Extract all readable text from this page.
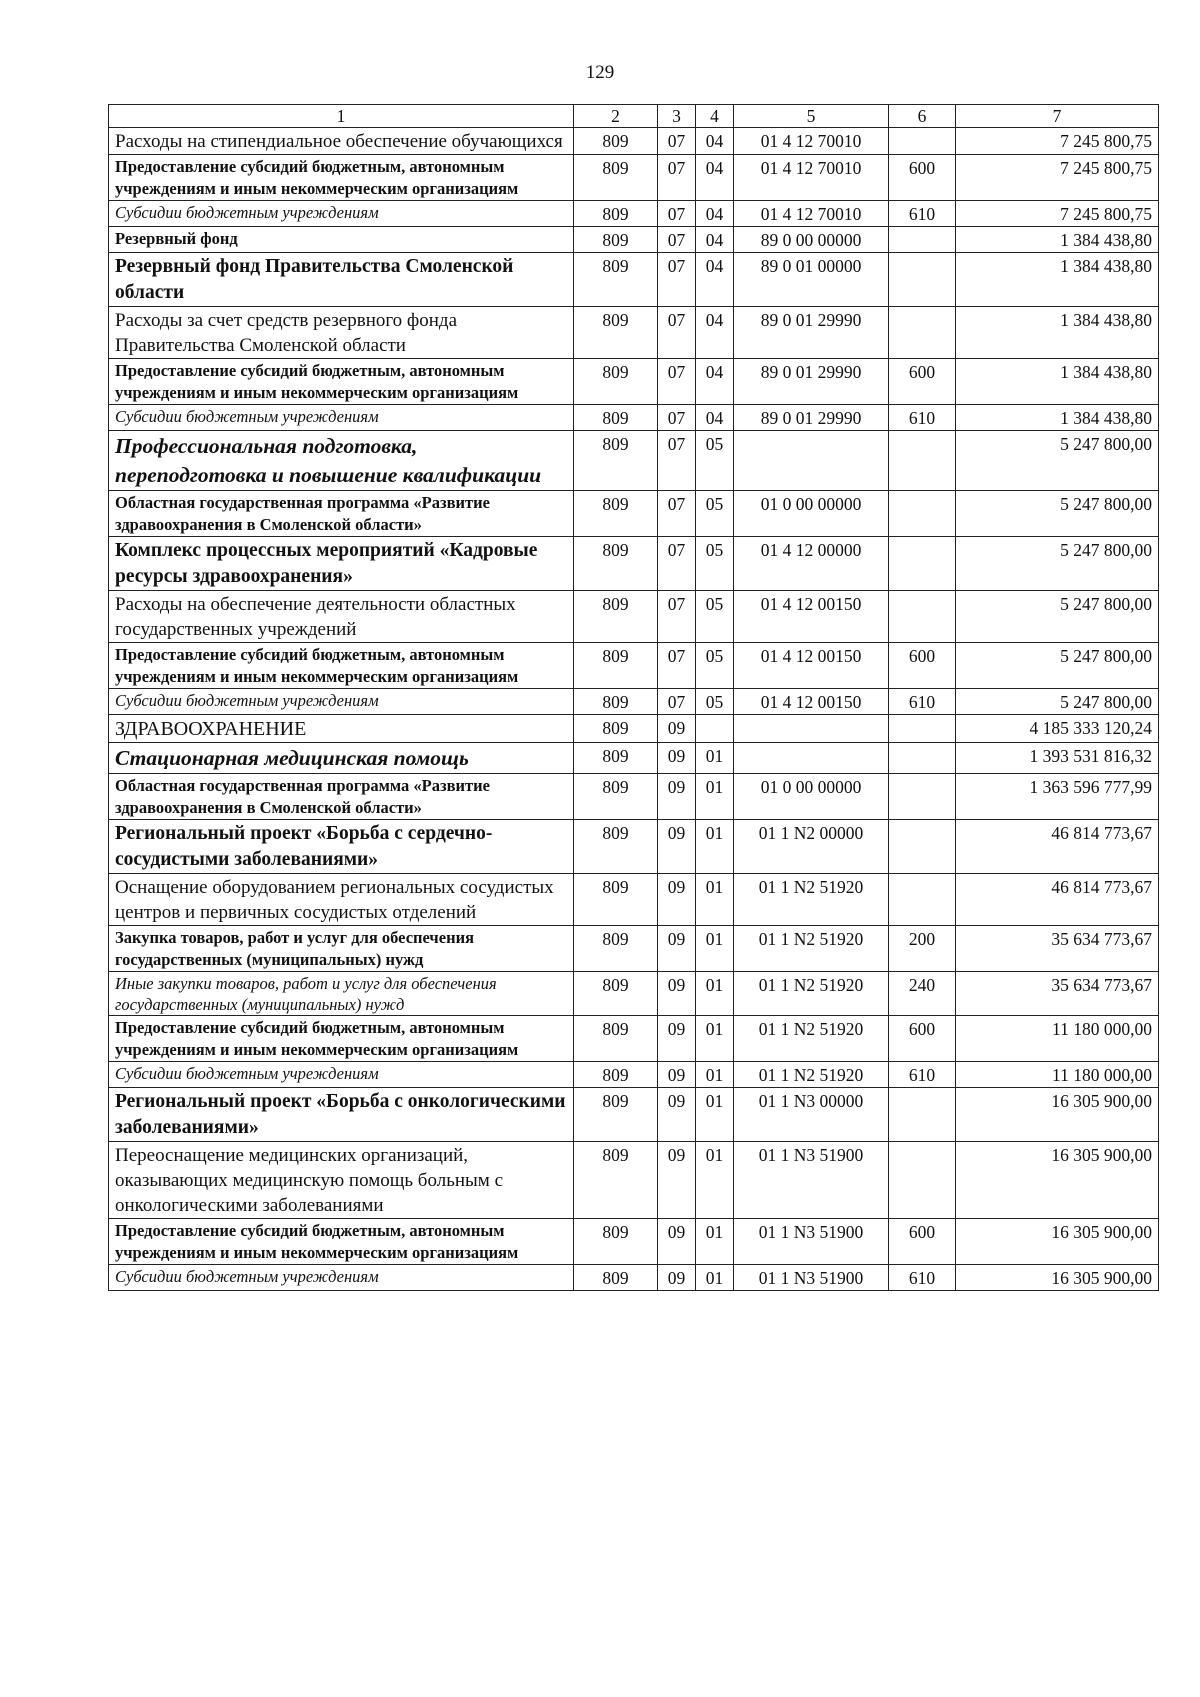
129
1	2	3	4	5	6	7
Расходы на стипендиальное обеспечение обучающихся	809	07	04	01 4 12 70010		7 245 800,75
Предоставление субсидий бюджетным, автономным учреждениям и иным некоммерческим организациям	809	07	04	01 4 12 70010	600	7 245 800,75
Субсидии бюджетным учреждениям	809	07	04	01 4 12 70010	610	7 245 800,75
Резервный фонд	809	07	04	89 0 00 00000		1 384 438,80
Резервный фонд Правительства Смоленской области	809	07	04	89 0 01 00000		1 384 438,80
Расходы за счет средств резервного фонда Правительства Смоленской области	809	07	04	89 0 01 29990		1 384 438,80
Предоставление субсидий бюджетным, автономным учреждениям и иным некоммерческим организациям	809	07	04	89 0 01 29990	600	1 384 438,80
Субсидии бюджетным учреждениям	809	07	04	89 0 01 29990	610	1 384 438,80
Профессиональная подготовка, переподготовка и повышение квалификации	809	07	05			5 247 800,00
Областная государственная программа «Развитие здравоохранения в Смоленской области»	809	07	05	01 0 00 00000		5 247 800,00
Комплекс процессных мероприятий «Кадровые ресурсы здравоохранения»	809	07	05	01 4 12 00000		5 247 800,00
Расходы на обеспечение деятельности областных государственных учреждений	809	07	05	01 4 12 00150		5 247 800,00
Предоставление субсидий бюджетным, автономным учреждениям и иным некоммерческим организациям	809	07	05	01 4 12 00150	600	5 247 800,00
Субсидии бюджетным учреждениям	809	07	05	01 4 12 00150	610	5 247 800,00
ЗДРАВООХРАНЕНИЕ	809	09				4 185 333 120,24
Стационарная медицинская помощь	809	09	01			1 393 531 816,32
Областная государственная программа «Развитие здравоохранения в Смоленской области»	809	09	01	01 0 00 00000		1 363 596 777,99
Региональный проект «Борьба с сердечно-сосудистыми заболеваниями»	809	09	01	01 1 N2 00000		46 814 773,67
Оснащение оборудованием региональных сосудистых центров и первичных сосудистых отделений	809	09	01	01 1 N2 51920		46 814 773,67
Закупка товаров, работ и услуг для обеспечения государственных (муниципальных) нужд	809	09	01	01 1 N2 51920	200	35 634 773,67
Иные закупки товаров, работ и услуг для обеспечения государственных (муниципальных) нужд	809	09	01	01 1 N2 51920	240	35 634 773,67
Предоставление субсидий бюджетным, автономным учреждениям и иным некоммерческим организациям	809	09	01	01 1 N2 51920	600	11 180 000,00
Субсидии бюджетным учреждениям	809	09	01	01 1 N2 51920	610	11 180 000,00
Региональный проект «Борьба с онкологическими заболеваниями»	809	09	01	01 1 N3 00000		16 305 900,00
Переоснащение медицинских организаций, оказывающих медицинскую помощь больным с онкологическими заболеваниями	809	09	01	01 1 N3 51900		16 305 900,00
Предоставление субсидий бюджетным, автономным учреждениям и иным некоммерческим организациям	809	09	01	01 1 N3 51900	600	16 305 900,00
Субсидии бюджетным учреждениям	809	09	01	01 1 N3 51900	610	16 305 900,00
